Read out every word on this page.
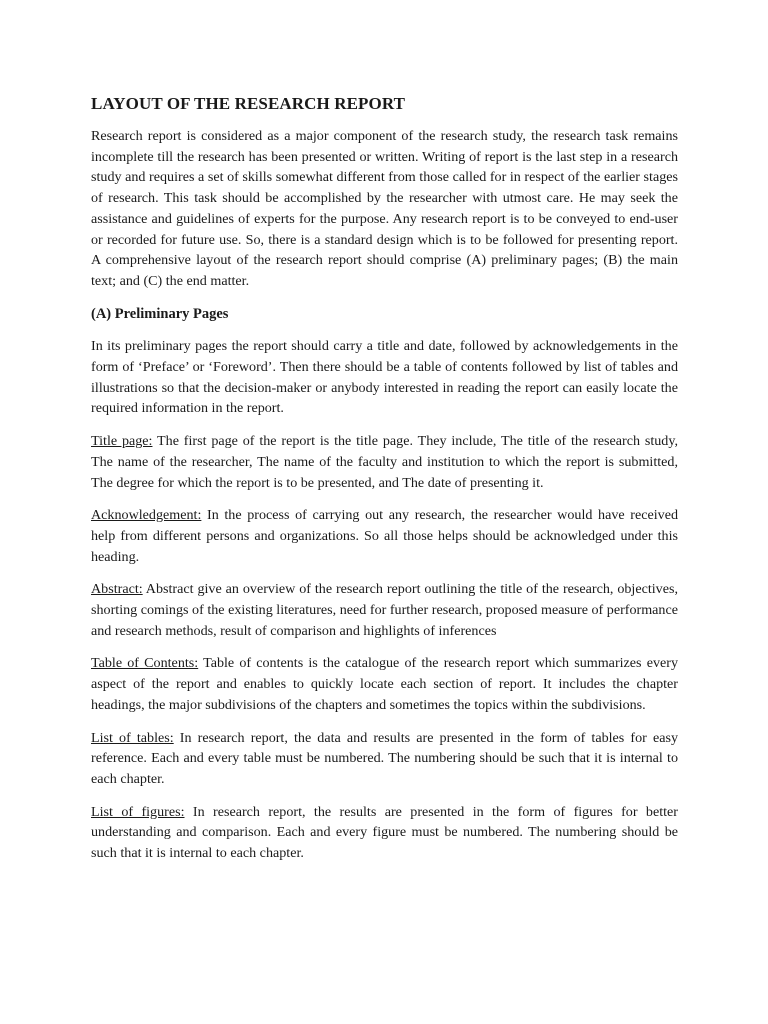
LAYOUT OF THE RESEARCH REPORT

Research report is considered as a major component of the research study, the research task remains incomplete till the research has been presented or written. Writing of report is the last step in a research study and requires a set of skills somewhat different from those called for in respect of the earlier stages of research. This task should be accomplished by the researcher with utmost care. He may seek the assistance and guidelines of experts for the purpose. Any research report is to be conveyed to end-user or recorded for future use. So, there is a standard design which is to be followed for presenting report. A comprehensive layout of the research report should comprise (A) preliminary pages; (B) the main text; and (C) the end matter.

(A) Preliminary Pages

In its preliminary pages the report should carry a title and date, followed by acknowledgements in the form of ‘Preface’ or ‘Foreword’. Then there should be a table of contents followed by list of tables and illustrations so that the decision-maker or anybody interested in reading the report can easily locate the required information in the report.

Title page: The first page of the report is the title page. They include, The title of the research study, The name of the researcher, The name of the faculty and institution to which the report is submitted, The degree for which the report is to be presented, and The date of presenting it.

Acknowledgement: In the process of carrying out any research, the researcher would have received help from different persons and organizations. So all those helps should be acknowledged under this heading.

Abstract: Abstract give an overview of the research report outlining the title of the research, objectives, shorting comings of the existing literatures, need for further research, proposed measure of performance and research methods, result of comparison and highlights of inferences

Table of Contents: Table of contents is the catalogue of the research report which summarizes every aspect of the report and enables to quickly locate each section of report. It includes the chapter headings, the major subdivisions of the chapters and sometimes the topics within the subdivisions.

List of tables: In research report, the data and results are presented in the form of tables for easy reference. Each and every table must be numbered. The numbering should be such that it is internal to each chapter.

List of figures: In research report, the results are presented in the form of figures for better understanding and comparison. Each and every figure must be numbered. The numbering should be such that it is internal to each chapter.
